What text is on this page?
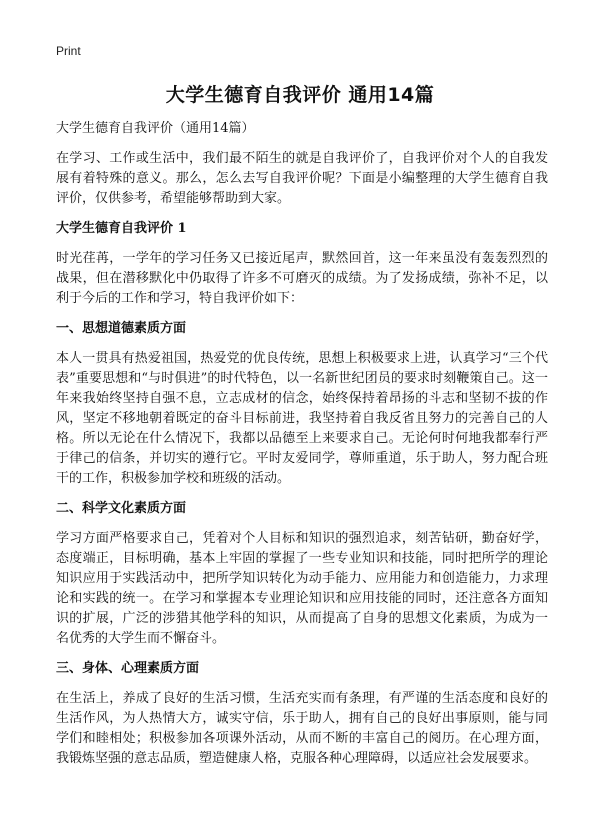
Print
大学生德育自我评价 通用14篇

大学生德育自我评价（通用14篇）

在学习、工作或生活中，我们最不陌生的就是自我评价了，自我评价对个人的自我发展有着特殊的意义。那么，怎么去写自我评价呢？下面是小编整理的大学生德育自我评价，仅供参考，希望能够帮助到大家。

大学生德育自我评价 1

时光荏苒，一学年的学习任务又已接近尾声，默然回首，这一年来虽没有轰轰烈烈的战果，但在潜移默化中仍取得了许多不可磨灭的成绩。为了发扬成绩，弥补不足，以利于今后的工作和学习，特自我评价如下：

一、思想道德素质方面

本人一贯具有热爱祖国，热爱党的优良传统，思想上积极要求上进，认真学习“三个代表”重要思想和“与时俱进”的时代特色，以一名新世纪团员的要求时刻鞭策自己。这一年来我始终坚持自强不息，立志成材的信念，始终保持着昂扬的斗志和坚韧不拔的作风，坚定不移地朝着既定的奋斗目标前进，我坚持着自我反省且努力的完善自己的人格。所以无论在什么情况下，我都以品德至上来要求自己。无论何时何地我都奉行严于律己的信条，并切实的遵行它。平时友爱同学，尊师重道，乐于助人，努力配合班干的工作，积极参加学校和班级的活动。

二、科学文化素质方面

学习方面严格要求自己，凭着对个人目标和知识的强烈追求，刻苦钻研，勤奋好学，态度端正，目标明确，基本上牢固的掌握了一些专业知识和技能，同时把所学的理论知识应用于实践活动中，把所学知识转化为动手能力、应用能力和创造能力，力求理论和实践的统一。在学习和掌握本专业理论知识和应用技能的同时，还注意各方面知识的扩展，广泛的涉猎其他学科的知识，从而提高了自身的思想文化素质，为成为一名优秀的大学生而不懈奋斗。

三、身体、心理素质方面

在生活上，养成了良好的生活习惯，生活充实而有条理，有严谨的生活态度和良好的生活作风，为人热情大方，诚实守信，乐于助人，拥有自己的良好出事原则，能与同学们和睦相处；积极参加各项课外活动，从而不断的丰富自己的阅历。在心理方面，我锻炼坚强的意志品质，塑造健康人格，克服各种心理障碍，以适应社会发展要求。
